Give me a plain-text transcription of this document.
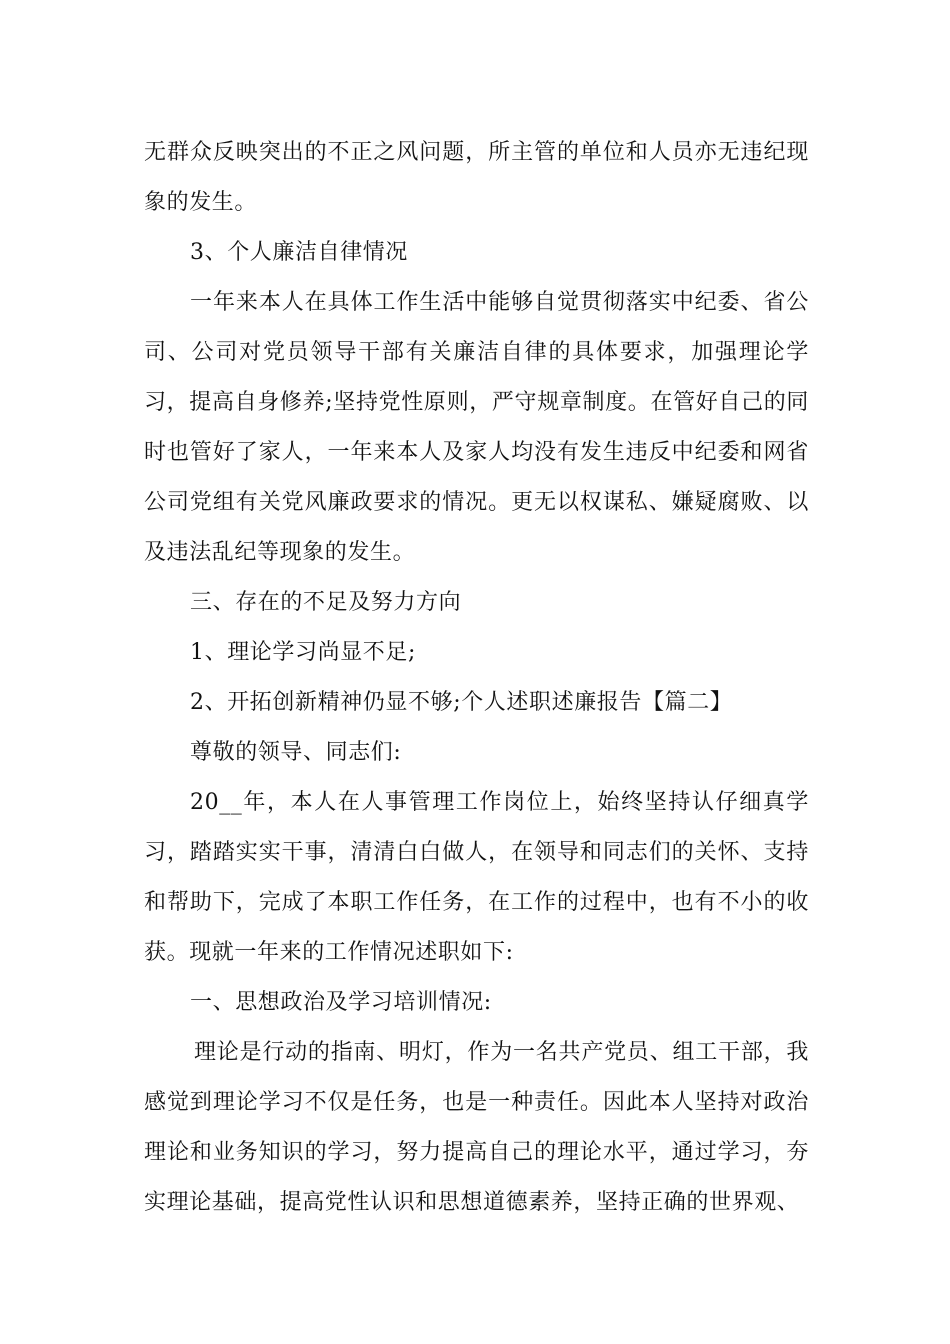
无群众反映突出的不正之风问题，所主管的单位和人员亦无违纪现象的发生。

3、个人廉洁自律情况

一年来本人在具体工作生活中能够自觉贯彻落实中纪委、省公司、公司对党员领导干部有关廉洁自律的具体要求，加强理论学习，提高自身修养;坚持党性原则，严守规章制度。在管好自己的同时也管好了家人，一年来本人及家人均没有发生违反中纪委和网省公司党组有关党风廉政要求的情况。更无以权谋私、嫌疑腐败、以及违法乱纪等现象的发生。

三、存在的不足及努力方向

1、理论学习尚显不足;

2、开拓创新精神仍显不够;个人述职述廉报告【篇二】

尊敬的领导、同志们:

20__年，本人在人事管理工作岗位上，始终坚持认仔细真学习，踏踏实实干事，清清白白做人，在领导和同志们的关怀、支持和帮助下，完成了本职工作任务，在工作的过程中，也有不小的收获。现就一年来的工作情况述职如下:

一、思想政治及学习培训情况:

理论是行动的指南、明灯，作为一名共产党员、组工干部，我感觉到理论学习不仅是任务，也是一种责任。因此本人坚持对政治理论和业务知识的学习，努力提高自己的理论水平，通过学习，夯实理论基础，提高党性认识和思想道德素养，坚持正确的世界观、
